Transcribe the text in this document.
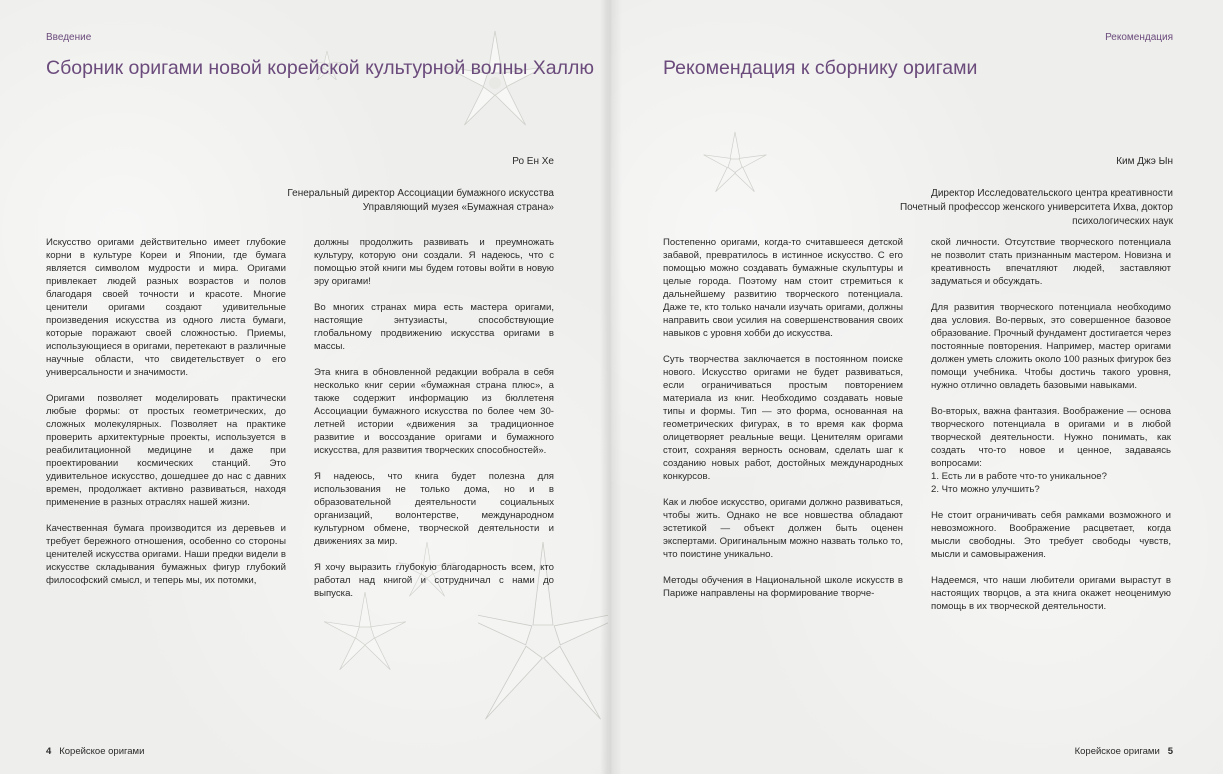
Введение
Сборник оригами новой корейской культурной волны Халлю
Ро Ен Хе
Генеральный директор Ассоциации бумажного искусства
Управляющий музея «Бумажная страна»

Искусство оригами действительно имеет глубокие корни в культуре Кореи и Японии, где бумага является символом мудрости и мира. Оригами привлекает людей разных возрастов и полов благодаря своей точности и красоте. Многие ценители оригами создают удивительные произведения искусства из одного листа бумаги, которые поражают своей сложностью. Приемы, использующиеся в оригами, перетекают в различные научные области, что свидетельствует о его универсальности и значимости.

Оригами позволяет моделировать практически любые формы: от простых геометрических, до сложных молекулярных. Позволяет на практике проверить архитектурные проекты, используется в реабилитационной медицине и даже при проектировании космических станций. Это удивительное искусство, дошедшее до нас с давних времен, продолжает активно развиваться, находя применение в разных отраслях нашей жизни.

Качественная бумага производится из деревьев и требует бережного отношения, особенно со стороны ценителей искусства оригами. Наши предки видели в искусстве складывания бумажных фигур глубокий философский смысл, и теперь мы, их потомки,

должны продолжить развивать и преумножать культуру, которую они создали. Я надеюсь, что с помощью этой книги мы будем готовы войти в новую эру оригами!

Во многих странах мира есть мастера оригами, настоящие энтузиасты, способствующие глобальному продвижению искусства оригами в массы.

Эта книга в обновленной редакции вобрала в себя несколько книг серии «бумажная страна плюс», а также содержит информацию из бюллетеня Ассоциации бумажного искусства по более чем 30-летней истории «движения за традиционное развитие и воссоздание оригами и бумажного искусства, для развития творческих способностей».

Я надеюсь, что книга будет полезна для использования не только дома, но и в образовательной деятельности социальных организаций, волонтерстве, международном культурном обмене, творческой деятельности и движениях за мир.

Я хочу выразить глубокую благодарность всем, кто работал над книгой и сотрудничал с нами до выпуска.

4 Корейское оригами
Рекомендация
Рекомендация к сборнику оригами
Ким Джэ Ын
Директор Исследовательского центра креативности
Почетный профессор женского университета Ихва, доктор психологических наук

Постепенно оригами, когда-то считавшееся детской забавой, превратилось в истинное искусство. С его помощью можно создавать бумажные скульптуры и целые города. Поэтому нам стоит стремиться к дальнейшему развитию творческого потенциала. Даже те, кто только начали изучать оригами, должны направить свои усилия на совершенствования своих навыков с уровня хобби до искусства.

Суть творчества заключается в постоянном поиске нового. Искусство оригами не будет развиваться, если ограничиваться простым повторением материала из книг. Необходимо создавать новые типы и формы. Тип — это форма, основанная на геометрических фигурах, в то время как форма олицетворяет реальные вещи. Ценителям оригами стоит, сохраняя верность основам, сделать шаг к созданию новых работ, достойных международных конкурсов.

Как и любое искусство, оригами должно развиваться, чтобы жить. Однако не все новшества обладают эстетикой — объект должен быть оценен экспертами. Оригинальным можно назвать только то, что поистине уникально.

Методы обучения в Национальной школе искусств в Париже направлены на формирование творче-

ской личности. Отсутствие творческого потенциала не позволит стать признанным мастером. Новизна и креативность впечатляют людей, заставляют задуматься и обсуждать.

Для развития творческого потенциала необходимо два условия. Во-первых, это совершенное базовое образование. Прочный фундамент достигается через постоянные повторения. Например, мастер оригами должен уметь сложить около 100 разных фигурок без помощи учебника. Чтобы достичь такого уровня, нужно отлично овладеть базовыми навыками.

Во-вторых, важна фантазия. Воображение — основа творческого потенциала в оригами и в любой творческой деятельности. Нужно понимать, как создать что-то новое и ценное, задаваясь вопросами:
1. Есть ли в работе что-то уникальное?
2. Что можно улучшить?

Не стоит ограничивать себя рамками возможного и невозможного. Воображение расцветает, когда мысли свободны. Это требует свободы чувств, мысли и самовыражения.

Надеемся, что наши любители оригами вырастут в настоящих творцов, а эта книга окажет неоценимую помощь в их творческой деятельности.

Корейское оригами 5
